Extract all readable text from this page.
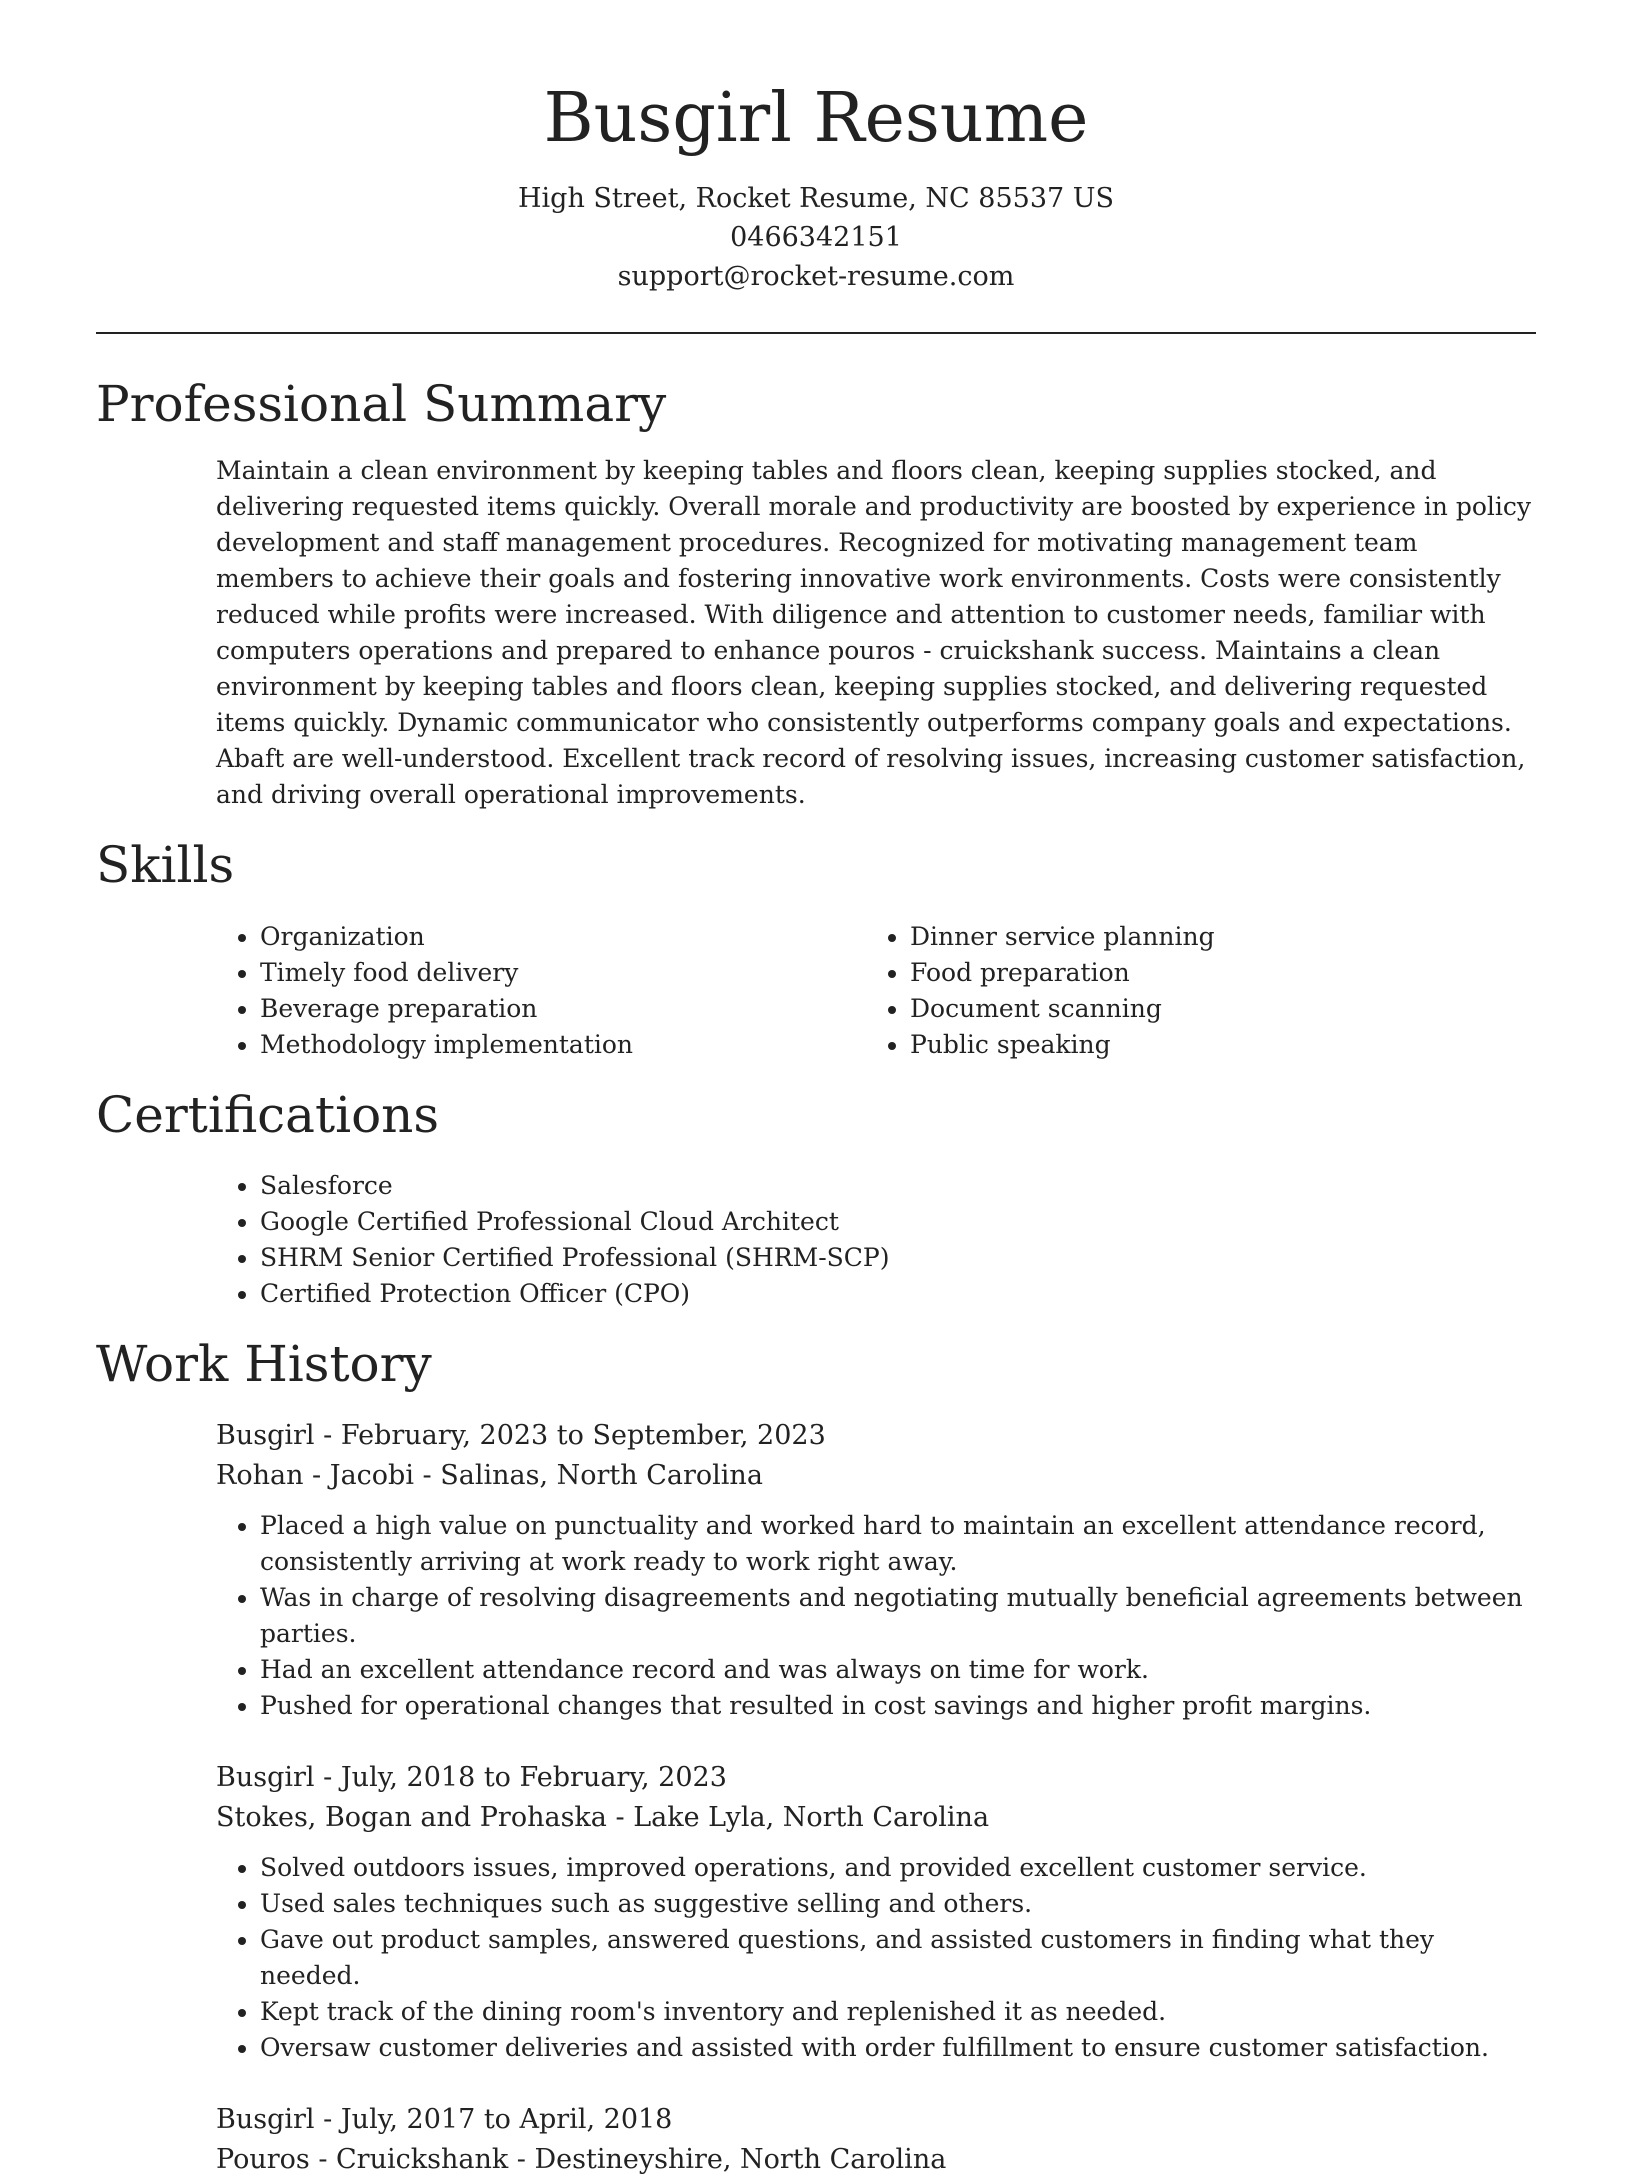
Busgirl Resume
High Street, Rocket Resume, NC 85537 US
0466342151
support@rocket-resume.com
Professional Summary

Maintain a clean environment by keeping tables and floors clean, keeping supplies stocked, and delivering requested items quickly. Overall morale and productivity are boosted by experience in policy development and staff management procedures. Recognized for motivating management team members to achieve their goals and fostering innovative work environments. Costs were consistently reduced while profits were increased. With diligence and attention to customer needs, familiar with computers operations and prepared to enhance pouros - cruickshank success. Maintains a clean environment by keeping tables and floors clean, keeping supplies stocked, and delivering requested items quickly. Dynamic communicator who consistently outperforms company goals and expectations. Abaft are well-understood. Excellent track record of resolving issues, increasing customer satisfaction, and driving overall operational improvements.

Skills
• Organization
• Timely food delivery
• Beverage preparation
• Methodology implementation
• Dinner service planning
• Food preparation
• Document scanning
• Public speaking
Certifications
• Salesforce
• Google Certified Professional Cloud Architect
• SHRM Senior Certified Professional (SHRM-SCP)
• Certified Protection Officer (CPO)
Work History
Busgirl - February, 2023 to September, 2023
Rohan - Jacobi - Salinas, North Carolina
• Placed a high value on punctuality and worked hard to maintain an excellent attendance record, consistently arriving at work ready to work right away.
• Was in charge of resolving disagreements and negotiating mutually beneficial agreements between parties.
• Had an excellent attendance record and was always on time for work.
• Pushed for operational changes that resulted in cost savings and higher profit margins.
Busgirl - July, 2018 to February, 2023
Stokes, Bogan and Prohaska - Lake Lyla, North Carolina
• Solved outdoors issues, improved operations, and provided excellent customer service.
• Used sales techniques such as suggestive selling and others.
• Gave out product samples, answered questions, and assisted customers in finding what they needed.
• Kept track of the dining room's inventory and replenished it as needed.
• Oversaw customer deliveries and assisted with order fulfillment to ensure customer satisfaction.
Busgirl - July, 2017 to April, 2018
Pouros - Cruickshank - Destineyshire, North Carolina
